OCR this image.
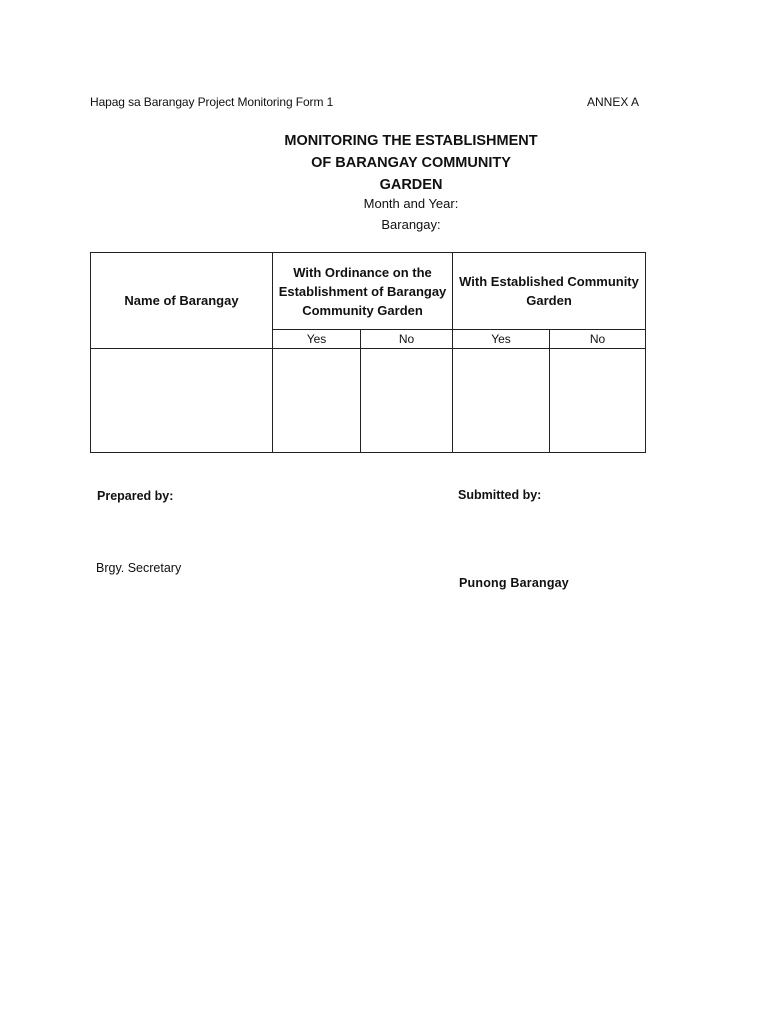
Hapag sa Barangay Project Monitoring Form 1	ANNEX A
MONITORING THE ESTABLISHMENT
OF BARANGAY COMMUNITY
GARDEN
Month and Year:
Barangay:
Name of Barangay	With Ordinance on the Establishment of Barangay Community Garden		With Established Community Garden	
	Yes	No	Yes	No

Prepared by:	Submitted by:
Brgy. Secretary
Punong Barangay
